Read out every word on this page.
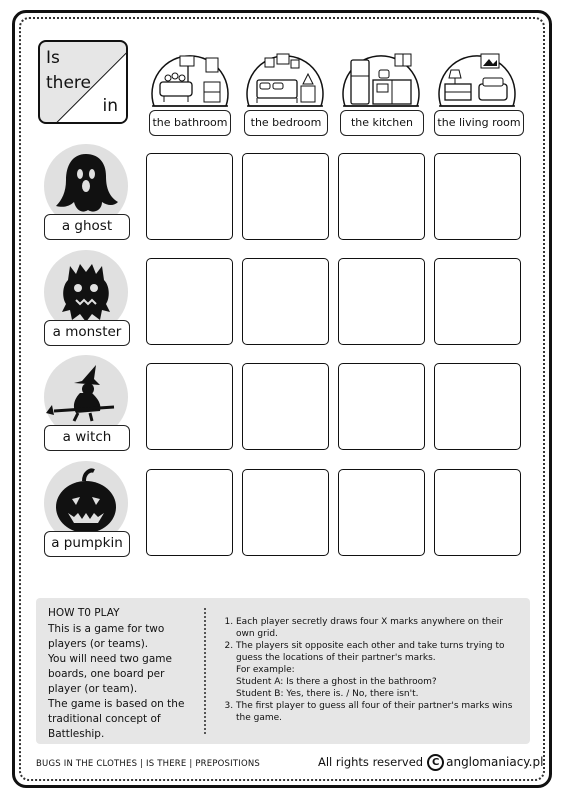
Is
there
in
the bathroom	the bedroom	the kitchen	the living room
a ghost
a monster
a witch
a pumpkin
HOW T0 PLAY
This is a game for two players (or teams).
You will need two game boards, one board per player (or team).
The game is based on the traditional concept of Battleship.
1. Each player secretly draws four X marks anywhere on their own grid.
2. The players sit opposite each other and take turns trying to guess the locations of their partner's marks.
For example:
Student A: Is there a ghost in the bathroom?
Student B: Yes, there is. / No, there isn't.
3. The first player to guess all four of their partner's marks wins the game.
BUGS IN THE CLOTHES | IS THERE | PREPOSITIONS	All rights reserved C anglomaniacy.pl
